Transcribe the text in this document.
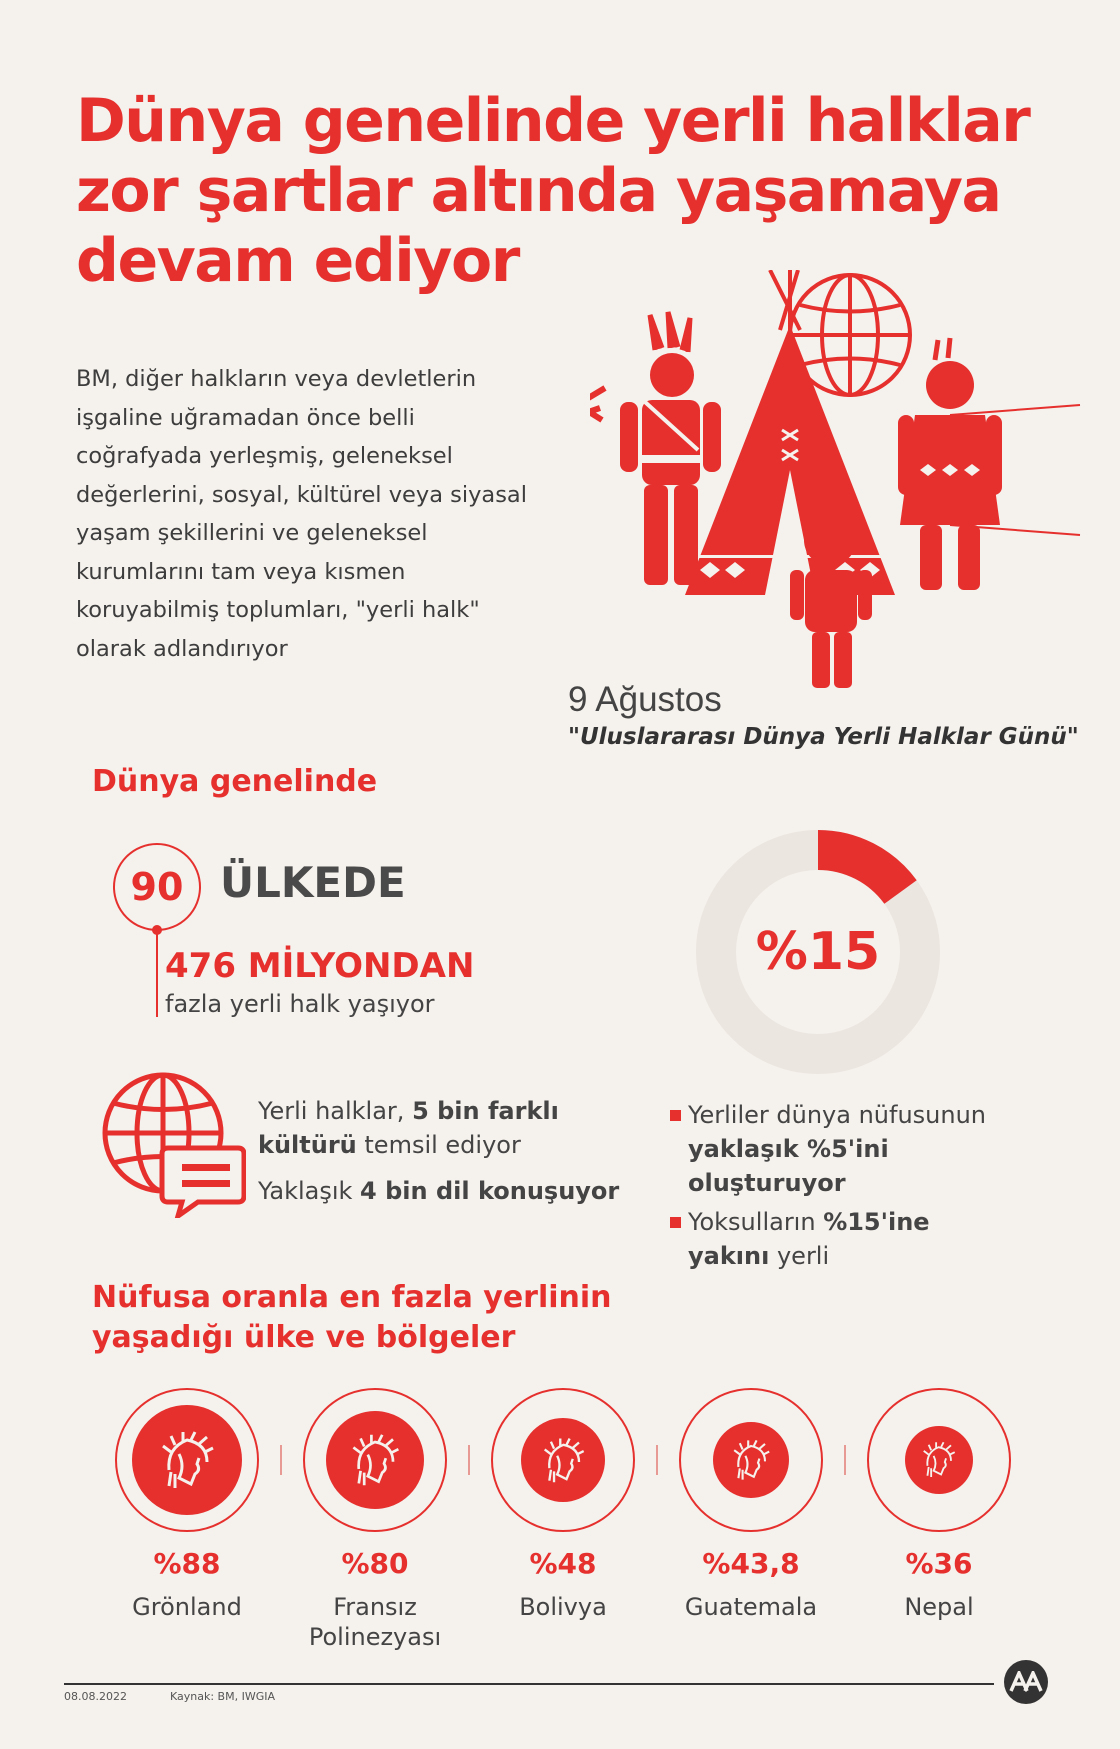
Dünya genelinde yerli halklar
zor şartlar altında yaşamaya
devam ediyor
BM, diğer halkların veya devletlerin
işgaline uğramadan önce belli
coğrafyada yerleşmiş, geleneksel
değerlerini, sosyal, kültürel veya siyasal
yaşam şekillerini ve geleneksel
kurumlarını tam veya kısmen
koruyabilmiş toplumları, "yerli halk"
olarak adlandırıyor
9 Ağustos
"Uluslararası Dünya Yerli Halklar Günü"
Dünya genelinde
90 ÜLKEDE
476 MİLYONDAN
fazla yerli halk yaşıyor
Yerli halklar, 5 bin farklı
kültürü temsil ediyor
Yaklaşık 4 bin dil konuşuyor
%15
Yerliler dünya nüfusunun
yaklaşık %5'ini
oluşturuyor
Yoksulların %15'ine
yakını yerli
Nüfusa oranla en fazla yerlinin
yaşadığı ülke ve bölgeler
%88
Grönland
%80
Fransız Polinezyası
%48
Bolivya
%43,8
Guatemala
%36
Nepal
08.08.2022	Kaynak: BM, IWGIA
